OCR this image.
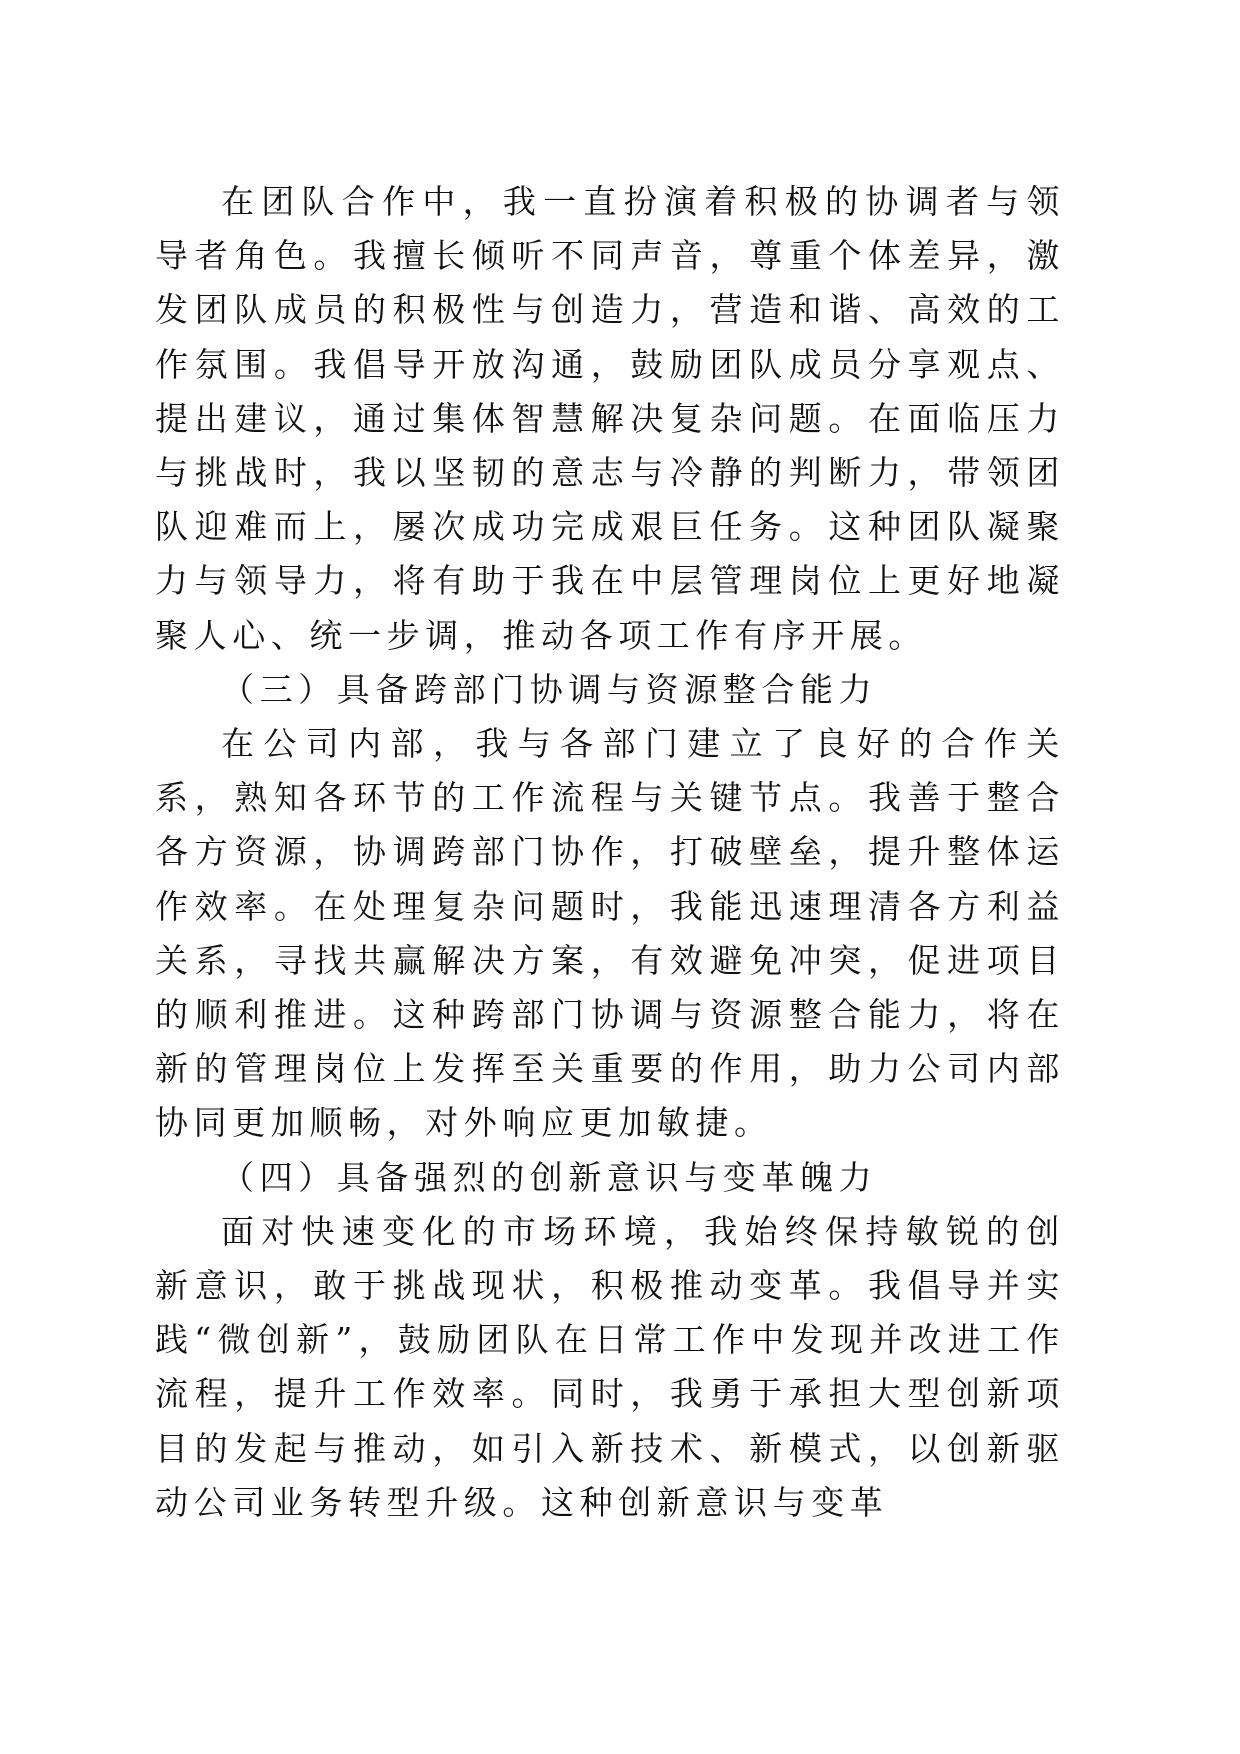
在团队合作中，我一直扮演着积极的协调者与领导者角色。我擅长倾听不同声音，尊重个体差异，激发团队成员的积极性与创造力，营造和谐、高效的工作氛围。我倡导开放沟通，鼓励团队成员分享观点、提出建议，通过集体智慧解决复杂问题。在面临压力与挑战时，我以坚韧的意志与冷静的判断力，带领团队迎难而上，屡次成功完成艰巨任务。这种团队凝聚力与领导力，将有助于我在中层管理岗位上更好地凝聚人心、统一步调，推动各项工作有序开展。

（三）具备跨部门协调与资源整合能力

在公司内部，我与各部门建立了良好的合作关系，熟知各环节的工作流程与关键节点。我善于整合各方资源，协调跨部门协作，打破壁垒，提升整体运作效率。在处理复杂问题时，我能迅速理清各方利益关系，寻找共赢解决方案，有效避免冲突，促进项目的顺利推进。这种跨部门协调与资源整合能力，将在新的管理岗位上发挥至关重要的作用，助力公司内部协同更加顺畅，对外响应更加敏捷。

（四）具备强烈的创新意识与变革魄力

面对快速变化的市场环境，我始终保持敏锐的创新意识，敢于挑战现状，积极推动变革。我倡导并实践“微创新”，鼓励团队在日常工作中发现并改进工作流程，提升工作效率。同时，我勇于承担大型创新项目的发起与推动，如引入新技术、新模式，以创新驱动公司业务转型升级。这种创新意识与变革
